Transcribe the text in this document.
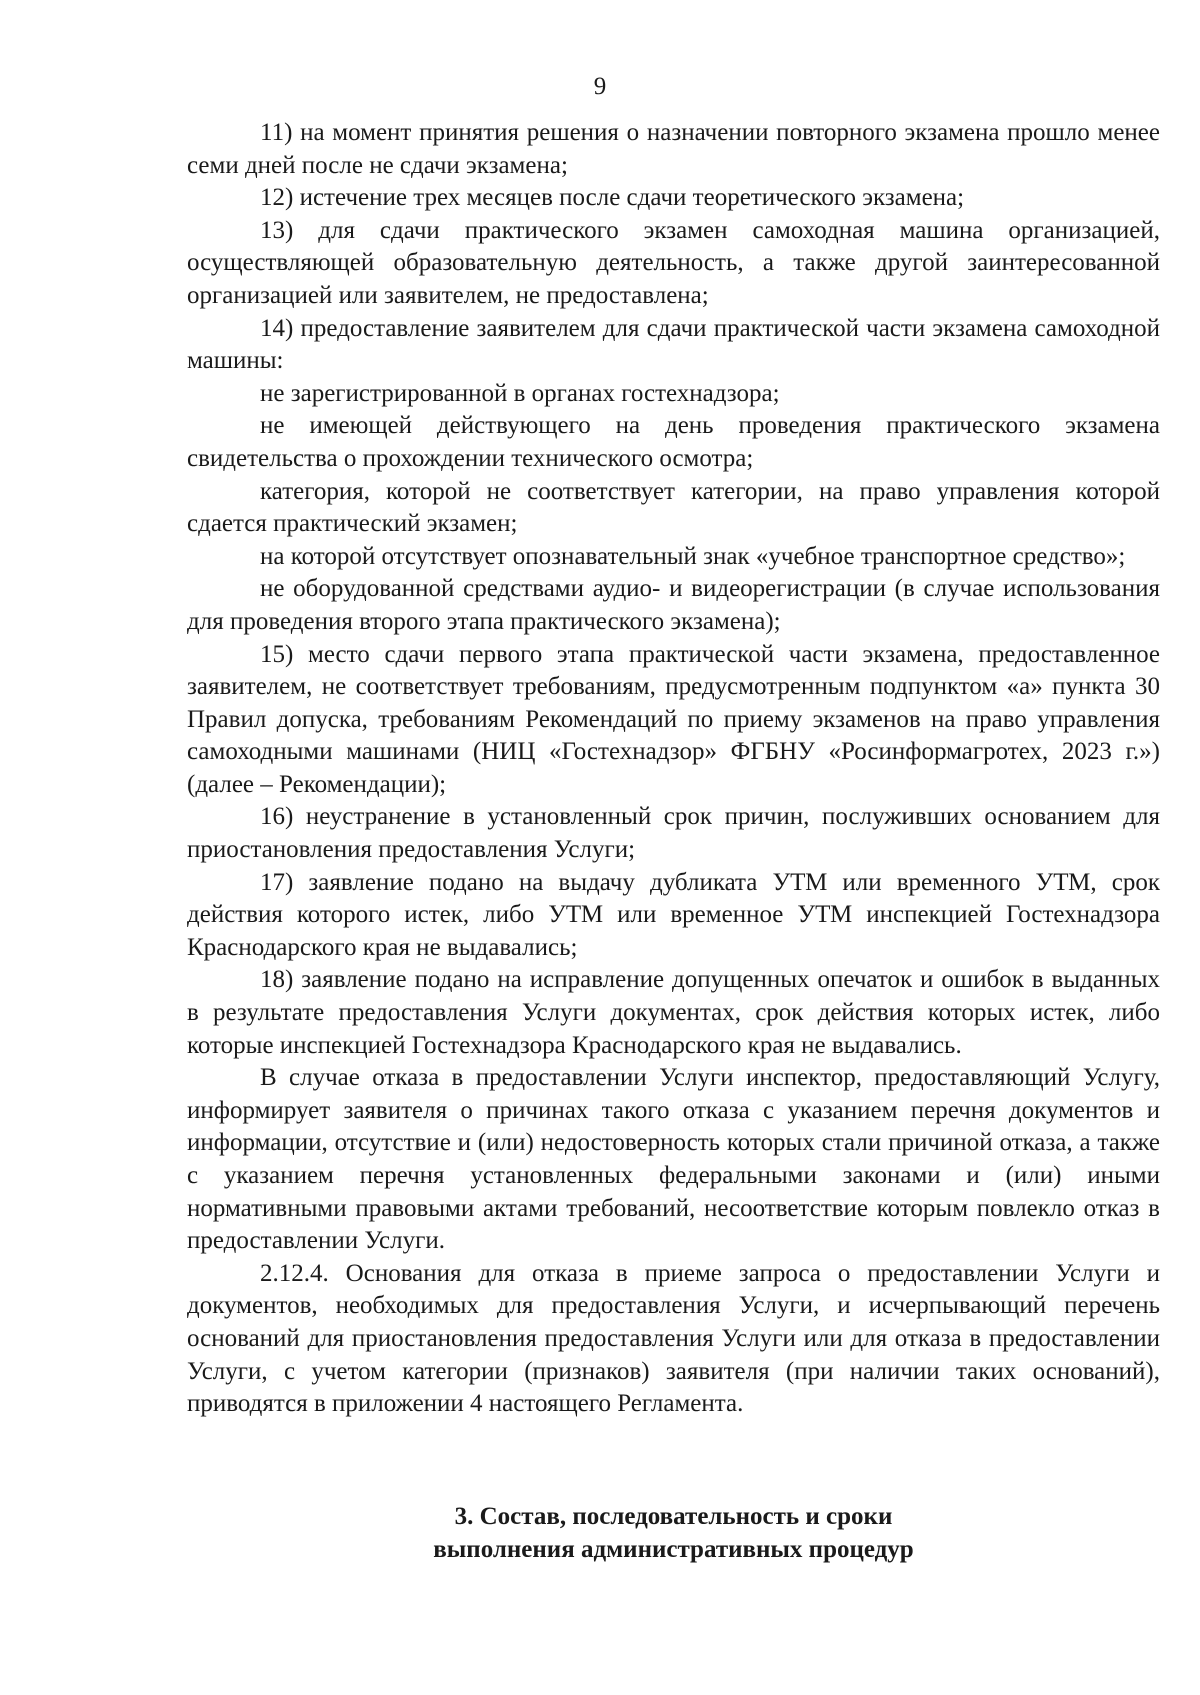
9

11) на момент принятия решения о назначении повторного экзамена прошло менее семи дней после не сдачи экзамена;

12) истечение трех месяцев после сдачи теоретического экзамена;

13) для сдачи практического экзамен самоходная машина организацией, осуществляющей образовательную деятельность, а также другой заинтересованной организацией или заявителем, не предоставлена;

14) предоставление заявителем для сдачи практической части экзамена самоходной машины:

не зарегистрированной в органах гостехнадзора;

не имеющей действующего на день проведения практического экзамена свидетельства о прохождении технического осмотра;

категория, которой не соответствует категории, на право управления которой сдается практический экзамен;

на которой отсутствует опознавательный знак «учебное транспортное средство»;

не оборудованной средствами аудио- и видеорегистрации (в случае использования для проведения второго этапа практического экзамена);

15) место сдачи первого этапа практической части экзамена, предоставленное заявителем, не соответствует требованиям, предусмотренным подпунктом «а» пункта 30 Правил допуска, требованиям Рекомендаций по приему экзаменов на право управления самоходными машинами (НИЦ «Гостехнадзор» ФГБНУ «Росинформагротех, 2023 г.») (далее – Рекомендации);

16) неустранение в установленный срок причин, послуживших основанием для приостановления предоставления Услуги;

17) заявление подано на выдачу дубликата УТМ или временного УТМ, срок действия которого истек, либо УТМ или временное УТМ инспекцией Гостехнадзора Краснодарского края не выдавались;

18) заявление подано на исправление допущенных опечаток и ошибок в выданных в результате предоставления Услуги документах, срок действия которых истек, либо которые инспекцией Гостехнадзора Краснодарского края не выдавались.

В случае отказа в предоставлении Услуги инспектор, предоставляющий Услугу, информирует заявителя о причинах такого отказа с указанием перечня документов и информации, отсутствие и (или) недостоверность которых стали причиной отказа, а также с указанием перечня установленных федеральными законами и (или) иными нормативными правовыми актами требований, несоответствие которым повлекло отказ в предоставлении Услуги.

2.12.4. Основания для отказа в приеме запроса о предоставлении Услуги и документов, необходимых для предоставления Услуги, и исчерпывающий перечень оснований для приостановления предоставления Услуги или для отказа в предоставлении Услуги, с учетом категории (признаков) заявителя (при наличии таких оснований), приводятся в приложении 4 настоящего Регламента.

3. Состав, последовательность и сроки
выполнения административных процедур
